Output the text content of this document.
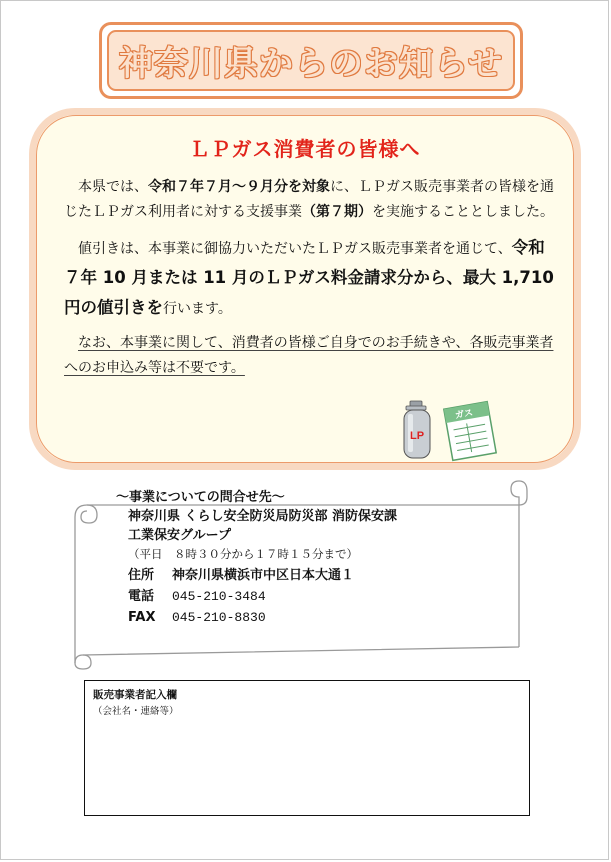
神奈川県からのお知らせ
ＬＰガス消費者の皆様へ

本県では、令和７年７月～９月分を対象に、ＬＰガス販売事業者の皆様を通じたＬＰガス利用者に対する支援事業（第７期）を実施することとしました。

値引きは、本事業に御協力いただいたＬＰガス販売事業者を通じて、令和７年 10 月または 11 月のＬＰガス料金請求分から、最大 1,710 円の値引きを行います。

なお、本事業に関して、消費者の皆様ご自身でのお手続きや、各販売事業者へのお申込み等は不要です。

LP
ガス
～事業についての問合せ先～
神奈川県 くらし安全防災局防災部 消防保安課
工業保安グループ
（平日　８時３０分から１７時１５分まで）
住所 神奈川県横浜市中区日本大通１
電話 045-210-3484
FAX 045-210-8830
販売事業者記入欄
（会社名・連絡等）
